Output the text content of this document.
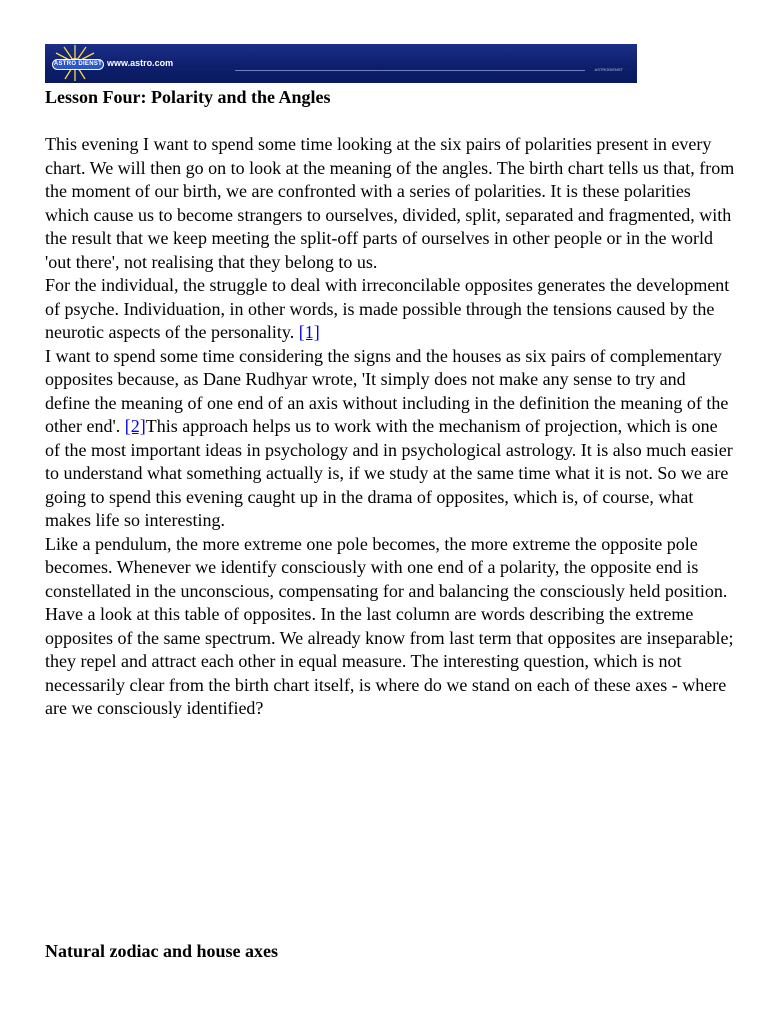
ASTRO DIENST www.astro.com
ASTRODIENST
Lesson Four: Polarity and the Angles

This evening I want to spend some time looking at the six pairs of polarities present in every chart. We will then go on to look at the meaning of the angles. The birth chart tells us that, from the moment of our birth, we are confronted with a series of polarities. It is these polarities which cause us to become strangers to ourselves, divided, split, separated and fragmented, with the result that we keep meeting the split-off parts of ourselves in other people or in the world 'out there', not realising that they belong to us.

For the individual, the struggle to deal with irreconcilable opposites generates the development of psyche. Individuation, in other words, is made possible through the tensions caused by the neurotic aspects of the personality. [1]

I want to spend some time considering the signs and the houses as six pairs of complementary opposites because, as Dane Rudhyar wrote, 'It simply does not make any sense to try and define the meaning of one end of an axis without including in the definition the meaning of the other end'. [2]This approach helps us to work with the mechanism of projection, which is one of the most important ideas in psychology and in psychological astrology. It is also much easier to understand what something actually is, if we study at the same time what it is not. So we are going to spend this evening caught up in the drama of opposites, which is, of course, what makes life so interesting.

Like a pendulum, the more extreme one pole becomes, the more extreme the opposite pole becomes. Whenever we identify consciously with one end of a polarity, the opposite end is constellated in the unconscious, compensating for and balancing the consciously held position. Have a look at this table of opposites. In the last column are words describing the extreme opposites of the same spectrum. We already know from last term that opposites are inseparable; they repel and attract each other in equal measure. The interesting question, which is not necessarily clear from the birth chart itself, is where do we stand on each of these axes - where are we consciously identified?

Natural zodiac and house axes
